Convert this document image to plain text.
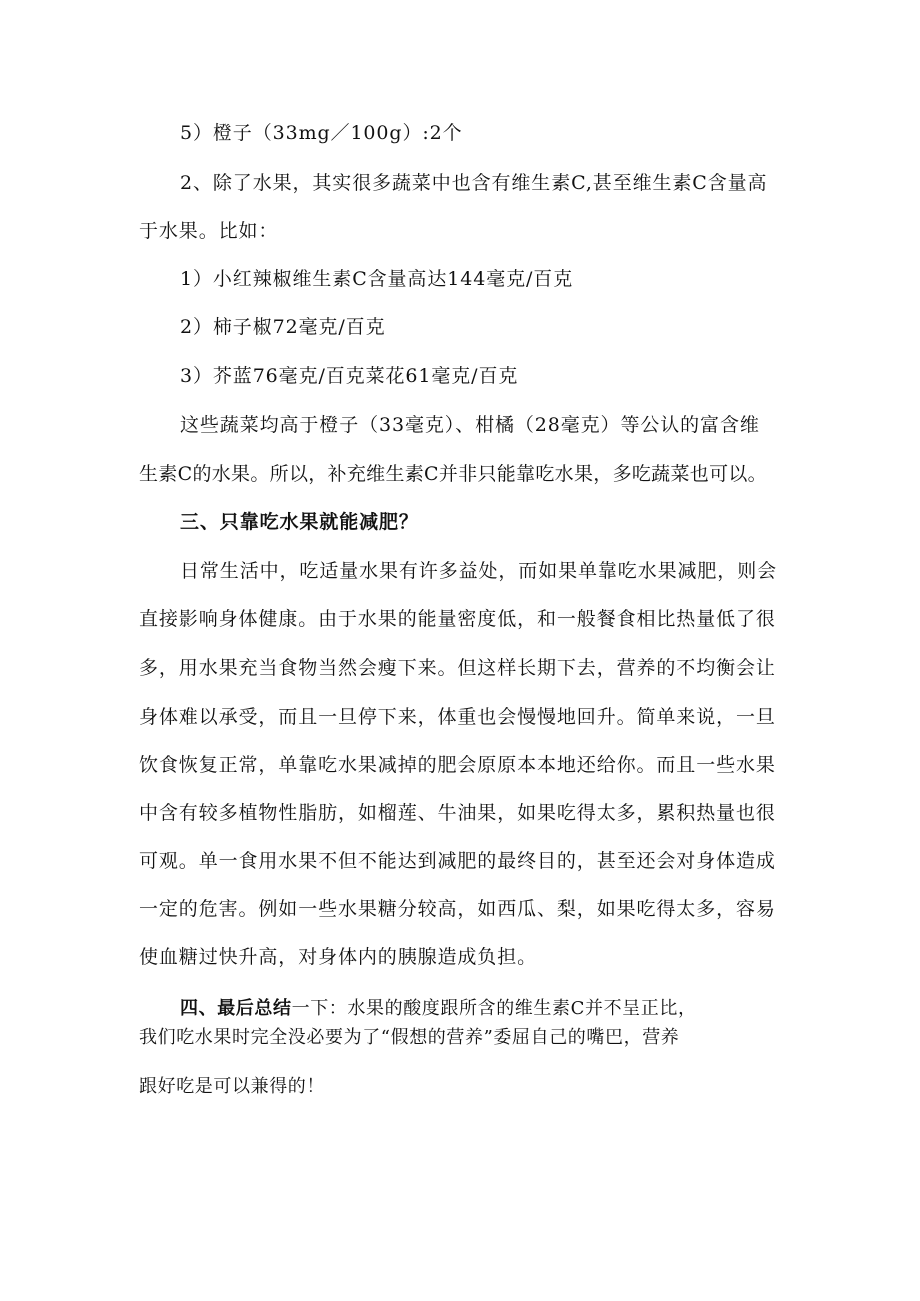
5）橙子（33mg／100g）:2个

2、除了水果，其实很多蔬菜中也含有维生素C,甚至维生素C含量高

于水果。比如：

1）小红辣椒维生素C含量高达144毫克/百克

2）柿子椒72毫克/百克

3）芥蓝76毫克/百克菜花61毫克/百克

这些蔬菜均高于橙子（33毫克）、柑橘（28毫克）等公认的富含维

生素C的水果。所以，补充维生素C并非只能靠吃水果，多吃蔬菜也可以。

三、只靠吃水果就能减肥？

日常生活中，吃适量水果有许多益处，而如果单靠吃水果减肥，则会

直接影响身体健康。由于水果的能量密度低，和一般餐食相比热量低了很

多，用水果充当食物当然会瘦下来。但这样长期下去，营养的不均衡会让

身体难以承受，而且一旦停下来，体重也会慢慢地回升。简单来说，一旦

饮食恢复正常，单靠吃水果减掉的肥会原原本本地还给你。而且一些水果

中含有较多植物性脂肪，如榴莲、牛油果，如果吃得太多，累积热量也很

可观。单一食用水果不但不能达到减肥的最终目的，甚至还会对身体造成

一定的危害。例如一些水果糖分较高，如西瓜、梨，如果吃得太多，容易

使血糖过快升高，对身体内的胰腺造成负担。

四、最后总结一下：水果的酸度跟所含的维生素C并不呈正比，

我们吃水果时完全没必要为了“假想的营养”委屈自己的嘴巴，营养

跟好吃是可以兼得的！
